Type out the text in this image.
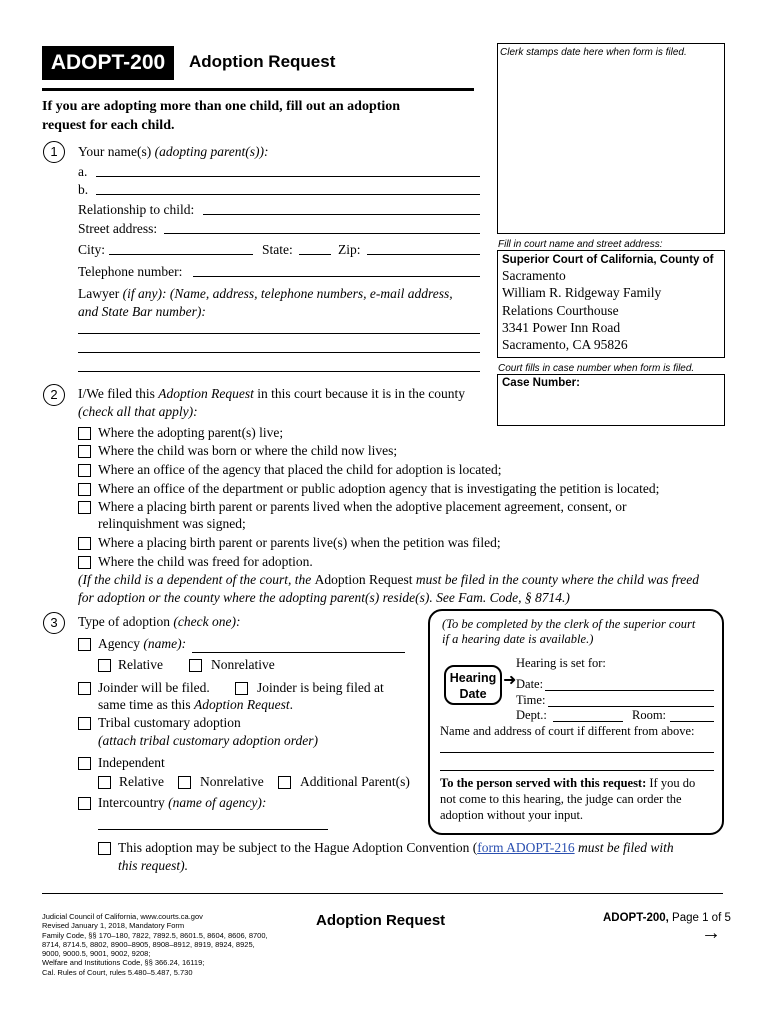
ADOPT-200	Adoption Request	Clerk stamps date here when form is filed.
If you are adopting more than one child, fill out an adoption
request for each child.
1	Your name(s) (adopting parent(s)):
a.
b.
Relationship to child:
Street address:
City:	State:	Zip:
Telephone number:
Lawyer (if any): (Name, address, telephone numbers, e-mail address,
and State Bar number):
Fill in court name and street address:
Superior Court of California, County of
Sacramento
William R. Ridgeway Family
Relations Courthouse
3341 Power Inn Road
Sacramento, CA 95826
Court fills in case number when form is filed.
Case Number:
2	I/We filed this Adoption Request in this court because it is in the county
(check all that apply):
Where the adopting parent(s) live;
Where the child was born or where the child now lives;
Where an office of the agency that placed the child for adoption is located;
Where an office of the department or public adoption agency that is investigating the petition is located;
Where a placing birth parent or parents lived when the adoptive placement agreement, consent, or
relinquishment was signed;
Where a placing birth parent or parents live(s) when the petition was filed;
Where the child was freed for adoption.
(If the child is a dependent of the court, the Adoption Request must be filed in the county where the child was freed
for adoption or the county where the adopting parent(s) reside(s). See Fam. Code, § 8714.)
3	Type of adoption (check one):
Agency (name):
Relative	Nonrelative
Joinder will be filed.	Joinder is being filed at
same time as this Adoption Request.
Tribal customary adoption
(attach tribal customary adoption order)
Independent
Relative	Nonrelative	Additional Parent(s)
Intercountry (name of agency):
This adoption may be subject to the Hague Adoption Convention (form ADOPT-216 must be filed with
this request).
(To be completed by the clerk of the superior court
if a hearing date is available.)
Hearing is set for:
Hearing
Date
➜ Date:
Time:
Dept.:	Room:
Name and address of court if different from above:
To the person served with this request: If you do
not come to this hearing, the judge can order the
adoption without your input.
Judicial Council of California, www.courts.ca.gov
Revised January 1, 2018, Mandatory Form
Family Code, §§ 170–180, 7822, 7892.5, 8601.5, 8604, 8606, 8700,
8714, 8714.5, 8802, 8900–8905, 8908–8912, 8919, 8924, 8925,
9000, 9000.5, 9001, 9002, 9208;
Welfare and Institutions Code, §§ 366.24, 16119;
Cal. Rules of Court, rules 5.480–5.487, 5.730
Adoption Request	ADOPT-200, Page 1 of 5
→
